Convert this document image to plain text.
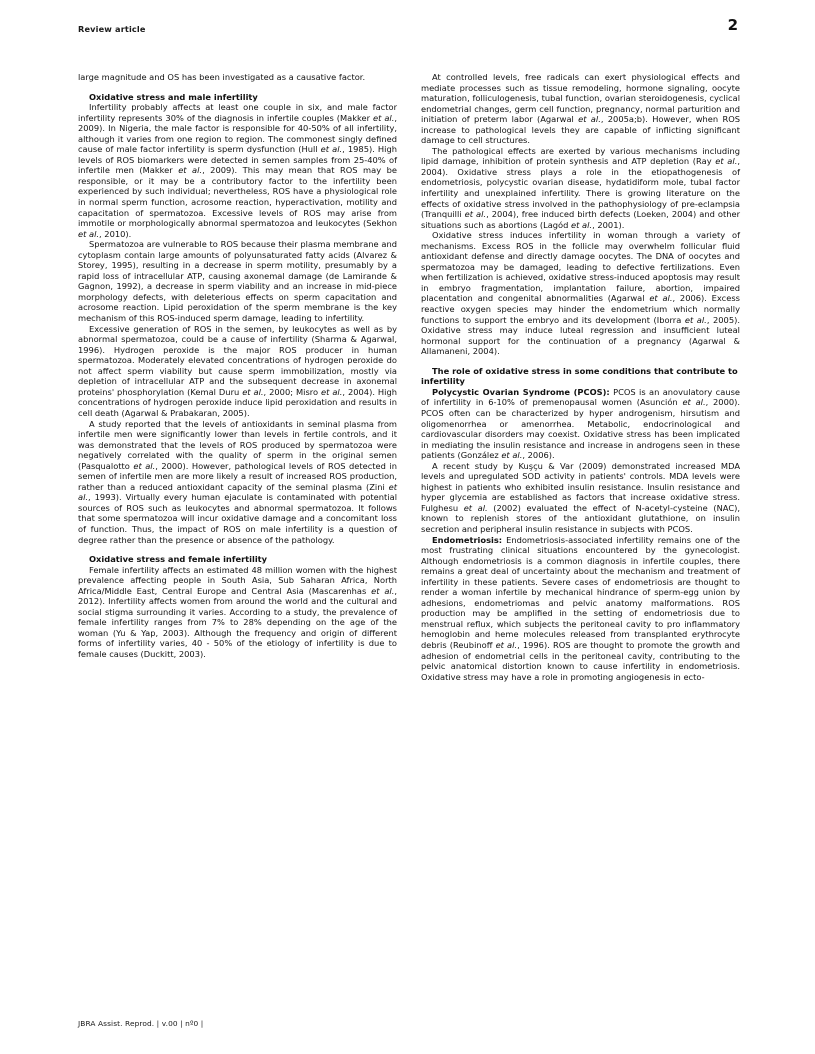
Review article	2

large magnitude and OS has been investigated as a causative factor.

Oxidative stress and male infertility

Infertility probably affects at least one couple in six, and male factor infertility represents 30% of the diagnosis in infertile couples (Makker et al., 2009). In Nigeria, the male factor is responsible for 40-50% of all infertility, although it varies from one region to region. The commonest singly defined cause of male factor infertility is sperm dysfunction (Hull et al., 1985). High levels of ROS biomarkers were detected in semen samples from 25-40% of infertile men (Makker et al., 2009). This may mean that ROS may be responsible, or it may be a contributory factor to the infertility been experienced by such individual; nevertheless, ROS have a physiological role in normal sperm function, acrosome reaction, hyperactivation, motility and capacitation of spermatozoa. Excessive levels of ROS may arise from immotile or morphologically abnormal spermatozoa and leukocytes (Sekhon et al., 2010).

Spermatozoa are vulnerable to ROS because their plasma membrane and cytoplasm contain large amounts of polyunsaturated fatty acids (Alvarez & Storey, 1995), resulting in a decrease in sperm motility, presumably by a rapid loss of intracellular ATP, causing axonemal damage (de Lamirande & Gagnon, 1992), a decrease in sperm viability and an increase in mid-piece morphology defects, with deleterious effects on sperm capacitation and acrosome reaction. Lipid peroxidation of the sperm membrane is the key mechanism of this ROS-induced sperm damage, leading to infertility.

Excessive generation of ROS in the semen, by leukocytes as well as by abnormal spermatozoa, could be a cause of infertility (Sharma & Agarwal, 1996). Hydrogen peroxide is the major ROS producer in human spermatozoa. Moderately elevated concentrations of hydrogen peroxide do not affect sperm viability but cause sperm immobilization, mostly via depletion of intracellular ATP and the subsequent decrease in axonemal proteins' phosphorylation (Kemal Duru et al., 2000; Misro et al., 2004). High concentrations of hydrogen peroxide induce lipid peroxidation and results in cell death (Agarwal & Prabakaran, 2005).

A study reported that the levels of antioxidants in seminal plasma from infertile men were significantly lower than levels in fertile controls, and it was demonstrated that the levels of ROS produced by spermatozoa were negatively correlated with the quality of sperm in the original semen (Pasqualotto et al., 2000). However, pathological levels of ROS detected in semen of infertile men are more likely a result of increased ROS production, rather than a reduced antioxidant capacity of the seminal plasma (Zini et al., 1993). Virtually every human ejaculate is contaminated with potential sources of ROS such as leukocytes and abnormal spermatozoa. It follows that some spermatozoa will incur oxidative damage and a concomitant loss of function. Thus, the impact of ROS on male infertility is a question of degree rather than the presence or absence of the pathology.

Oxidative stress and female infertility

Female infertility affects an estimated 48 million women with the highest prevalence affecting people in South Asia, Sub Saharan Africa, North Africa/Middle East, Central Europe and Central Asia (Mascarenhas et al., 2012). Infertility affects women from around the world and the cultural and social stigma surrounding it varies. According to a study, the prevalence of female infertility ranges from 7% to 28% depending on the age of the woman (Yu & Yap, 2003). Although the frequency and origin of different forms of infertility varies, 40 - 50% of the etiology of infertility is due to female causes (Duckitt, 2003).

At controlled levels, free radicals can exert physiological effects and mediate processes such as tissue remodeling, hormone signaling, oocyte maturation, folliculogenesis, tubal function, ovarian steroidogenesis, cyclical endometrial changes, germ cell function, pregnancy, normal parturition and initiation of preterm labor (Agarwal et al., 2005a;b). However, when ROS increase to pathological levels they are capable of inflicting significant damage to cell structures.

The pathological effects are exerted by various mechanisms including lipid damage, inhibition of protein synthesis and ATP depletion (Ray et al., 2004). Oxidative stress plays a role in the etiopathogenesis of endometriosis, polycystic ovarian disease, hydatidiform mole, tubal factor infertility and unexplained infertility. There is growing literature on the effects of oxidative stress involved in the pathophysiology of pre-eclampsia (Tranquilli et al., 2004), free induced birth defects (Loeken, 2004) and other situations such as abortions (Lagód et al., 2001).

Oxidative stress induces infertility in woman through a variety of mechanisms. Excess ROS in the follicle may overwhelm follicular fluid antioxidant defense and directly damage oocytes. The DNA of oocytes and spermatozoa may be damaged, leading to defective fertilizations. Even when fertilization is achieved, oxidative stress-induced apoptosis may result in embryo fragmentation, implantation failure, abortion, impaired placentation and congenital abnormalities (Agarwal et al., 2006). Excess reactive oxygen species may hinder the endometrium which normally functions to support the embryo and its development (Iborra et al., 2005). Oxidative stress may induce luteal regression and insufficient luteal hormonal support for the continuation of a pregnancy (Agarwal & Allamaneni, 2004).

The role of oxidative stress in some conditions that contribute to infertility

Polycystic Ovarian Syndrome (PCOS): PCOS is an anovulatory cause of infertility in 6-10% of premenopausal women (Asunción et al., 2000). PCOS often can be characterized by hyper androgenism, hirsutism and oligomenorrhea or amenorrhea. Metabolic, endocrinological and cardiovascular disorders may coexist. Oxidative stress has been implicated in mediating the insulin resistance and increase in androgens seen in these patients (González et al., 2006).

A recent study by Kuşçu & Var (2009) demonstrated increased MDA levels and upregulated SOD activity in patients' controls. MDA levels were highest in patients who exhibited insulin resistance. Insulin resistance and hyper glycemia are established as factors that increase oxidative stress. Fulghesu et al. (2002) evaluated the effect of N-acetyl-cysteine (NAC), known to replenish stores of the antioxidant glutathione, on insulin secretion and peripheral insulin resistance in subjects with PCOS.

Endometriosis: Endometriosis-associated infertility remains one of the most frustrating clinical situations encountered by the gynecologist. Although endometriosis is a common diagnosis in infertile couples, there remains a great deal of uncertainty about the mechanism and treatment of infertility in these patients. Severe cases of endometriosis are thought to render a woman infertile by mechanical hindrance of sperm-egg union by adhesions, endometriomas and pelvic anatomy malformations. ROS production may be amplified in the setting of endometriosis due to menstrual reflux, which subjects the peritoneal cavity to pro inflammatory hemoglobin and heme molecules released from transplanted erythrocyte debris (Reubinoff et al., 1996). ROS are thought to promote the growth and adhesion of endometrial cells in the peritoneal cavity, contributing to the pelvic anatomical distortion known to cause infertility in endometriosis. Oxidative stress may have a role in promoting angiogenesis in ecto-

JBRA Assist. Reprod. | v.00 | nº0 |
